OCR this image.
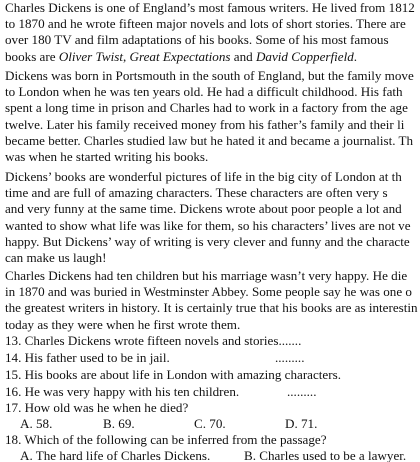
Charles Dickens is one of England’s most famous writers. He lived from 1812
to 1870 and he wrote fifteen major novels and lots of short stories. There are
over 180 TV and film adaptations of his books. Some of his most famous
books are Oliver Twist, Great Expectations and David Copperfield.
Dickens was born in Portsmouth in the south of England, but the family move
to London when he was ten years old. He had a difficult childhood. His fath
spent a long time in prison and Charles had to work in a factory from the age
twelve. Later his family received money from his father’s family and their li
became better. Charles studied law but he hated it and became a journalist. Th
was when he started writing his books.
Dickens’ books are wonderful pictures of life in the big city of London at th
time and are full of amazing characters. These characters are often very s
and very funny at the same time. Dickens wrote about poor people a lot and
wanted to show what life was like for them, so his characters’ lives are not ve
happy. But Dickens’ way of writing is very clever and funny and the characte
can make us laugh!
Charles Dickens had ten children but his marriage wasn’t very happy. He die
in 1870 and was buried in Westminster Abbey. Some people say he was one o
the greatest writers in history. It is certainly true that his books are as interestin
today as they were when he first wrote them.
13. Charles Dickens wrote fifteen novels and stories.......
14. His father used to be in jail.	.........
15. His books are about life in London with amazing characters.
16. He was very happy with his ten children.	.........
17. How old was he when he died?
A. 58.	B. 69.	C. 70.	D. 71.
18. Which of the following can be inferred from the passage?
A. The hard life of Charles Dickens.	B. Charles used to be a lawyer.
